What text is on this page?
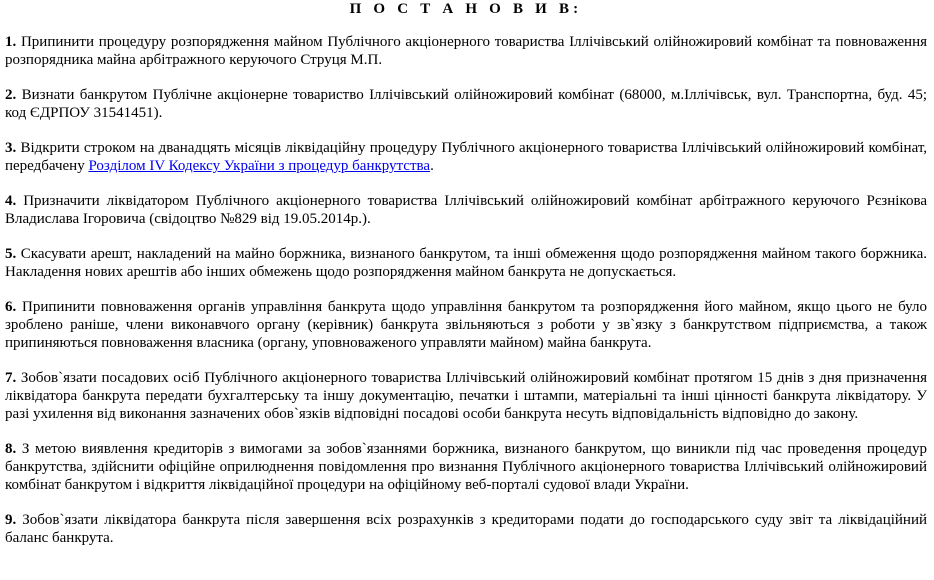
П О С Т А Н О В И В:

1. Припинити процедуру розпорядження майном Публічного акціонерного товариства Іллічівський олійножировий комбінат та повноваження розпорядника майна арбітражного керуючого Струця М.П.

2. Визнати банкрутом Публічне акціонерне товариство Іллічівський олійножировий комбінат (68000, м.Іллічівськ, вул. Транспортна, буд. 45; код ЄДРПОУ 31541451).

3. Відкрити строком на дванадцять місяців ліквідаційну процедуру Публічного акціонерного товариства Іллічівський олійножировий комбінат, передбачену Розділом IV Кодексу України з процедур банкрутства.

4. Призначити ліквідатором Публічного акціонерного товариства Іллічівський олійножировий комбінат арбітражного керуючого Рєзнікова Владислава Ігоровича (свідоцтво №829 від 19.05.2014р.).

5. Скасувати арешт, накладений на майно боржника, визнаного банкрутом, та інші обмеження щодо розпорядження майном такого боржника. Накладення нових арештів або інших обмежень щодо розпорядження майном банкрута не допускається.

6. Припинити повноваження органів управління банкрута щодо управління банкрутом та розпорядження його майном, якщо цього не було зроблено раніше, члени виконавчого органу (керівник) банкрута звільняються з роботи у зв`язку з банкрутством підприємства, а також припиняються повноваження власника (органу, уповноваженого управляти майном) майна банкрута.

7. Зобов`язати посадових осіб Публічного акціонерного товариства Іллічівський олійножировий комбінат протягом 15 днів з дня призначення ліквідатора банкрута передати бухгалтерську та іншу документацію, печатки і штампи, матеріальні та інші цінності банкрута ліквідатору. У разі ухилення від виконання зазначених обов`язків відповідні посадові особи банкрута несуть відповідальність відповідно до закону.

8. З метою виявлення кредиторів з вимогами за зобов`язаннями боржника, визнаного банкрутом, що виникли під час проведення процедур банкрутства, здійснити офіційне оприлюднення повідомлення про визнання Публічного акціонерного товариства Іллічівський олійножировий комбінат банкрутом і відкриття ліквідаційної процедури на офіційному веб-порталі судової влади України.

9. Зобов`язати ліквідатора банкрута після завершення всіх розрахунків з кредиторами подати до господарського суду звіт та ліквідаційний баланс банкрута.
